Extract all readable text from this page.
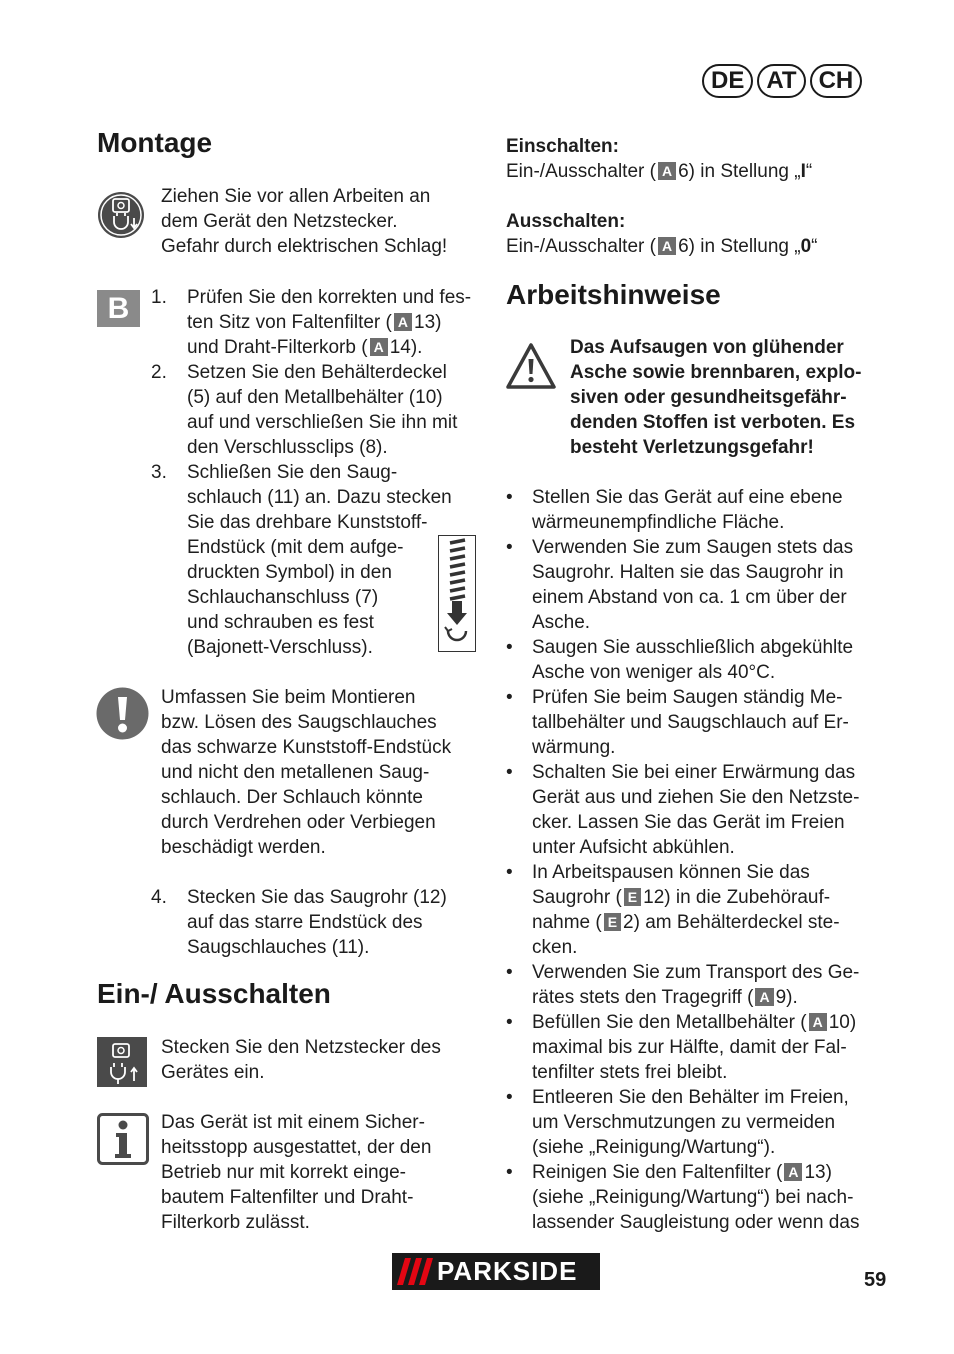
DE AT CH
Montage
Ziehen Sie vor allen Arbeiten an
dem Gerät den Netzstecker.
Gefahr durch elektrischen Schlag!
B	1. Prüfen Sie den korrekten und fes-
ten Sitz von Faltenfilter ( A 13)
und Draht-Filterkorb ( A 14).
2. Setzen Sie den Behälterdeckel
(5) auf den Metallbehälter (10)
auf und verschließen Sie ihn mit
den Verschlussclips (8).
3. Schließen Sie den Saug-
schlauch (11) an. Dazu stecken
Sie das drehbare Kunststoff-
Endstück (mit dem aufge-
druckten Symbol) in den
Schlauchanschluss (7)
und schrauben es fest
(Bajonett-Verschluss).
Umfassen Sie beim Montieren
bzw. Lösen des Saugschlauches
das schwarze Kunststoff-Endstück
und nicht den metallenen Saug-
schlauch. Der Schlauch könnte
durch Verdrehen oder Verbiegen
beschädigt werden.
4. Stecken Sie das Saugrohr (12)
auf das starre Endstück des
Saugschlauches (11).
Ein-/ Ausschalten
Stecken Sie den Netzstecker des
Gerätes ein.
Das Gerät ist mit einem Sicher-
heitsstopp ausgestattet, der den
Betrieb nur mit korrekt einge-
bautem Faltenfilter und Draht-
Filterkorb zulässt.
Einschalten:
Ein-/Ausschalter ( A 6) in Stellung „I“

Ausschalten:
Ein-/Ausschalter ( A 6) in Stellung „0“
Arbeitshinweise
Das Aufsaugen von glühender
Asche sowie brennbaren, explo-
siven oder gesundheitsgefähr-
denden Stoffen ist verboten. Es
besteht Verletzungsgefahr!
• Stellen Sie das Gerät auf eine ebene
wärmeunempfindliche Fläche.
• Verwenden Sie zum Saugen stets das
Saugrohr. Halten sie das Saugrohr in
einem Abstand von ca. 1 cm über der
Asche.
• Saugen Sie ausschließlich abgekühlte
Asche von weniger als 40°C.
• Prüfen Sie beim Saugen ständig Me-
tallbehälter und Saugschlauch auf Er-
wärmung.
• Schalten Sie bei einer Erwärmung das
Gerät aus und ziehen Sie den Netzste-
cker. Lassen Sie das Gerät im Freien
unter Aufsicht abkühlen.
• In Arbeitspausen können Sie das
Saugrohr ( E 12) in die Zubehörauf-
nahme ( E 2) am Behälterdeckel ste-
cken.
• Verwenden Sie zum Transport des Ge-
rätes stets den Tragegriff ( A 9).
• Befüllen Sie den Metallbehälter ( A 10)
maximal bis zur Hälfte, damit der Fal-
tenfilter stets frei bleibt.
• Entleeren Sie den Behälter im Freien,
um Verschmutzungen zu vermeiden
(siehe „Reinigung/Wartung“).
• Reinigen Sie den Faltenfilter ( A 13)
(siehe „Reinigung/Wartung“) bei nach-
lassender Saugleistung oder wenn das
PARKSIDE	59
